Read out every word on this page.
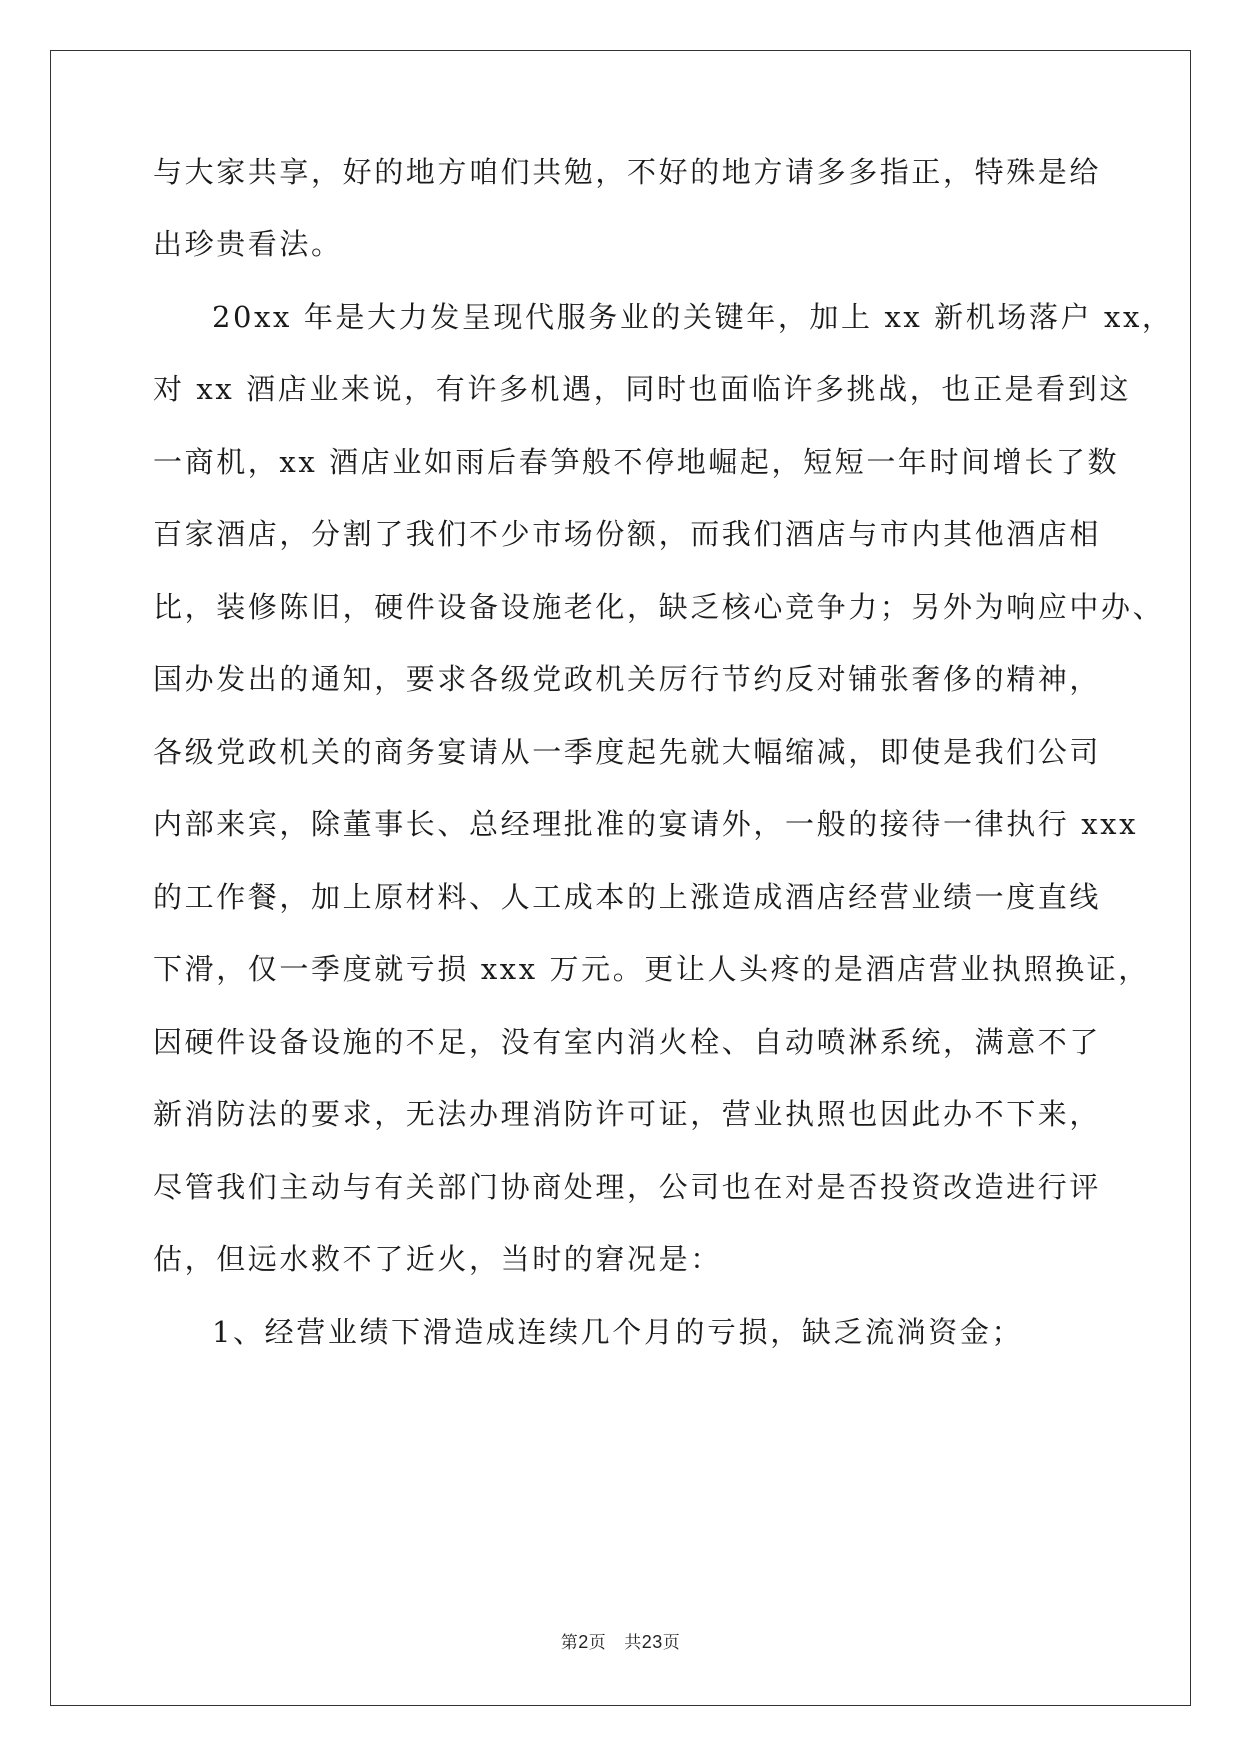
与大家共享，好的地方咱们共勉，不好的地方请多多指正，特殊是给
出珍贵看法。
20xx 年是大力发呈现代服务业的关键年，加上 xx 新机场落户 xx，
对 xx 酒店业来说，有许多机遇，同时也面临许多挑战，也正是看到这
一商机，xx 酒店业如雨后春笋般不停地崛起，短短一年时间增长了数
百家酒店，分割了我们不少市场份额，而我们酒店与市内其他酒店相
比，装修陈旧，硬件设备设施老化，缺乏核心竞争力；另外为响应中办、
国办发出的通知，要求各级党政机关厉行节约反对铺张奢侈的精神，
各级党政机关的商务宴请从一季度起先就大幅缩减，即使是我们公司
内部来宾，除董事长、总经理批准的宴请外，一般的接待一律执行 xxx
的工作餐，加上原材料、人工成本的上涨造成酒店经营业绩一度直线
下滑，仅一季度就亏损 xxx 万元。更让人头疼的是酒店营业执照换证，
因硬件设备设施的不足，没有室内消火栓、自动喷淋系统，满意不了
新消防法的要求，无法办理消防许可证，营业执照也因此办不下来，
尽管我们主动与有关部门协商处理，公司也在对是否投资改造进行评
估，但远水救不了近火，当时的窘况是：
1、经营业绩下滑造成连续几个月的亏损，缺乏流淌资金；
第2页 共23页
